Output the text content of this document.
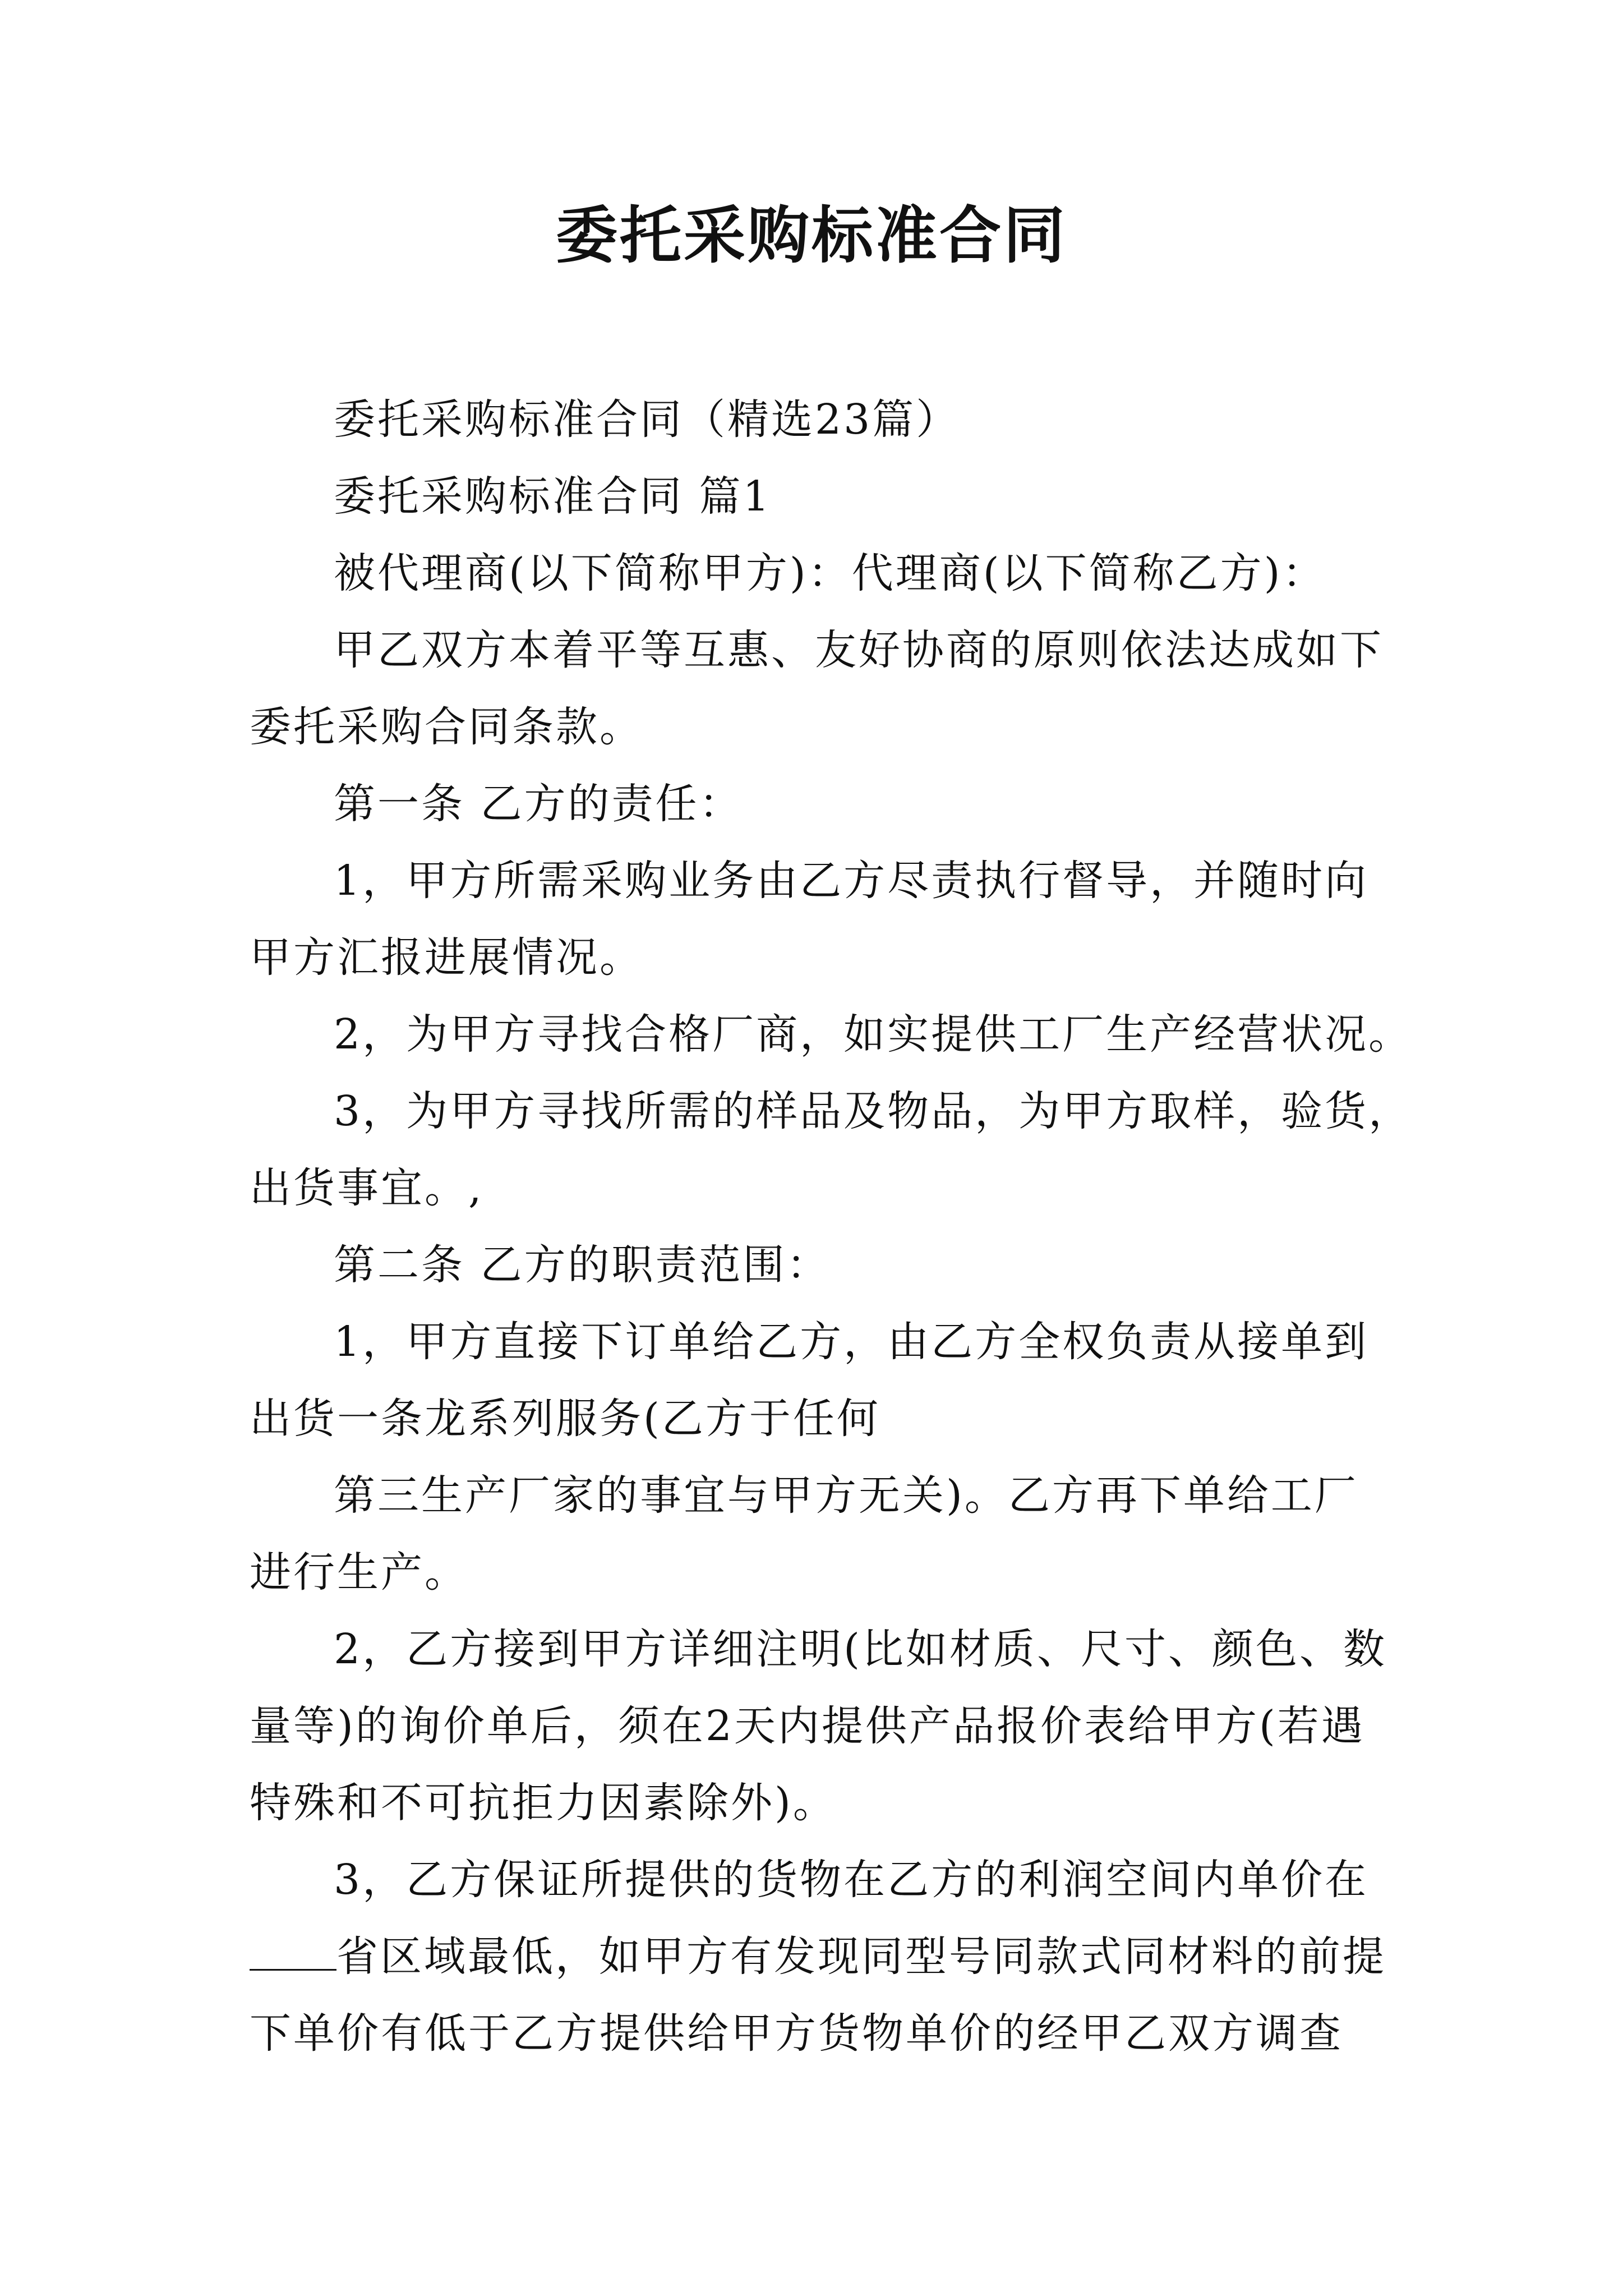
委托采购标准合同

委托采购标准合同（精选23篇）

委托采购标准合同 篇1

被代理商(以下简称甲方)：代理商(以下简称乙方)：

甲乙双方本着平等互惠、友好协商的原则依法达成如下

委托采购合同条款。

第一条 乙方的责任：

1，甲方所需采购业务由乙方尽责执行督导，并随时向

甲方汇报进展情况。

2，为甲方寻找合格厂商，如实提供工厂生产经营状况。

3，为甲方寻找所需的样品及物品，为甲方取样，验货，

出货事宜。,

第二条 乙方的职责范围：

1，甲方直接下订单给乙方，由乙方全权负责从接单到

出货一条龙系列服务(乙方于任何

第三生产厂家的事宜与甲方无关)。乙方再下单给工厂

进行生产。

2，乙方接到甲方详细注明(比如材质、尺寸、颜色、数

量等)的询价单后，须在2天内提供产品报价表给甲方(若遇

特殊和不可抗拒力因素除外)。

3，乙方保证所提供的货物在乙方的利润空间内单价在

省区域最低，如甲方有发现同型号同款式同材料的前提

下单价有低于乙方提供给甲方货物单价的经甲乙双方调查
